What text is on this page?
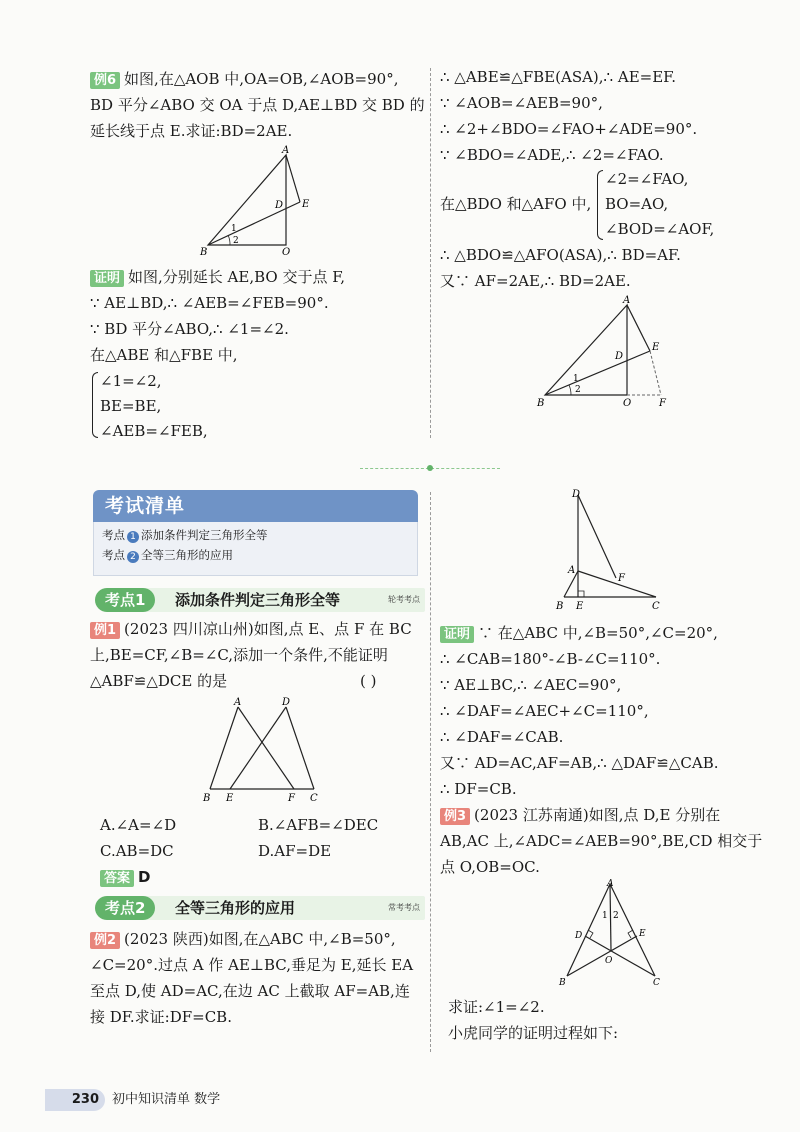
例6 如图,在△AOB 中,OA=OB,∠AOB=90°,
BD 平分∠ABO 交 OA 于点 D,AE⊥BD 交 BD 的
延长线于点 E.求证:BD=2AE.
A
B	O
D E
1
2
证明 如图,分别延长 AE,BO 交于点 F,
∵ AE⊥BD,∴ ∠AEB=∠FEB=90°.
∵ BD 平分∠ABO,∴ ∠1=∠2.
在△ABE 和△FBE 中,
∠1=∠2,
BE=BE,
∠AEB=∠FEB,
∴ △ABE≌△FBE(ASA),∴ AE=EF.
∵ ∠AOB=∠AEB=90°,
∴ ∠2+∠BDO=∠FAO+∠ADE=90°.
∵ ∠BDO=∠ADE,∴ ∠2=∠FAO.
∠2=∠FAO,
在△BDO 和△AFO 中, BO=AO,
∠BOD=∠AOF,
∴ △BDO≌△AFO(ASA),∴ BD=AF.
又∵ AF=2AE,∴ BD=2AE.
A
B	O
D
E
F
1
2
考试清单
考点 1 添加条件判定三角形全等
考点 2 全等三角形的应用
考点1	添加条件判定三角形全等	轮考考点
例1 (2023 四川凉山州)如图,点 E、点 F 在 BC
上,BE=CF,∠B=∠C,添加一个条件,不能证明
△ABF≌△DCE 的是	( )
A	D
B E	F C
A.∠A=∠D	B.∠AFB=∠DEC
C.AB=DC	D.AF=DE
答案 D
考点2	全等三角形的应用	常考考点
例2 (2023 陕西)如图,在△ABC 中,∠B=50°,
∠C=20°.过点 A 作 AE⊥BC,垂足为 E,延长 EA
至点 D,使 AD=AC,在边 AC 上截取 AF=AB,连
接 DF.求证:DF=CB.
D
A
F
B E	C
证明 ∵ 在△ABC 中,∠B=50°,∠C=20°,
∴ ∠CAB=180°-∠B-∠C=110°.
∵ AE⊥BC,∴ ∠AEC=90°,
∴ ∠DAF=∠AEC+∠C=110°,
∴ ∠DAF=∠CAB.
又∵ AD=AC,AF=AB,∴ △DAF≌△CAB.
∴ DF=CB.
例3 (2023 江苏南通)如图,点 D,E 分别在
AB,AC 上,∠ADC=∠AEB=90°,BE,CD 相交于
点 O,OB=OC.
A
D	E
O
B	C
1 2
求证:∠1=∠2.
小虎同学的证明过程如下:
230	初中知识清单 数学
